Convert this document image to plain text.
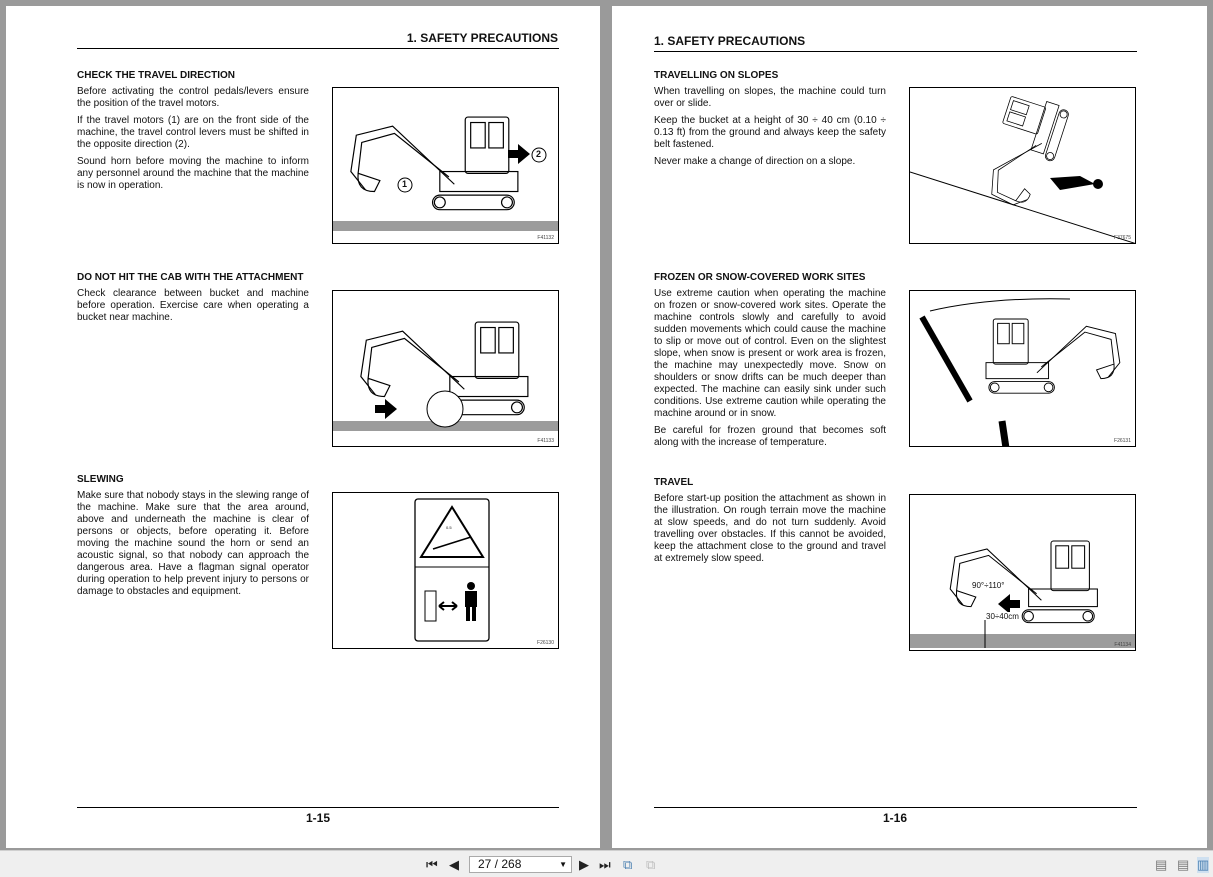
1. SAFETY PRECAUTIONS
CHECK THE TRAVEL DIRECTION

Before activating the control pedals/levers ensure the position of the travel motors.

If the travel motors (1) are on the front side of the machine, the travel control levers must be shifted in the opposite direction (2).

Sound horn before moving the machine to inform any personnel around the machine that the machine is now in operation.

2
1
F41132
DO NOT HIT THE CAB WITH THE ATTACHMENT

Check clearance between bucket and machine before operation. Exercise care when operating a bucket near machine.

F41133
SLEWING

Make sure that nobody stays in the slewing range of the machine. Make sure that the area around, above and underneath the machine is clear of persons or objects, before operating it. Before moving the machine sound the horn or send an acoustic signal, so that nobody can approach the dangerous area. Have a flagman signal operator during operation to help prevent injury to persons or damage to obstacles and equipment.

0.5
F26130
1-15
1. SAFETY PRECAUTIONS
TRAVELLING ON SLOPES

When travelling on slopes, the machine could turn over or slide.

Keep the bucket at a height of 30 ÷ 40 cm (0.10 ÷ 0.13 ft) from the ground and always keep the safety belt fastened.

Never make a change of direction on a slope.

F37675
FROZEN OR SNOW-COVERED WORK SITES

Use extreme caution when operating the machine on frozen or snow-covered work sites. Operate the machine controls slowly and carefully to avoid sudden movements which could cause the machine to slip or move out of control. Even on the slightest slope, when snow is present or work area is frozen, the machine may unexpectedly move. Snow on shoulders or snow drifts can be much deeper than expected. The machine can easily sink under such conditions. Use extreme caution while operating the machine around or in snow.

Be careful for frozen ground that becomes soft along with the increase of temperature.	F26131
TRAVEL

Before start-up position the attachment as shown in the illustration. On rough terrain move the machine at slow speeds, and do not turn suddenly. Avoid travelling over obstacles. If this cannot be avoided, keep the attachment close to the ground and travel at extremely slow speed.

90°÷110°
30÷40cm
F41134
1-16
⏮ ◀	27 / 268	▼ ▶ ⏭ ⧉ ⧉	▤ ▤ ▥
